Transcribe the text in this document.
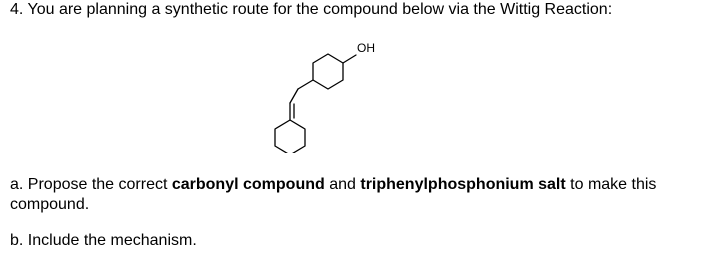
4. You are planning a synthetic route for the compound below via the Wittig Reaction:
OH
a. Propose the correct carbonyl compound and triphenylphosphonium salt to make this compound.
b. Include the mechanism.
